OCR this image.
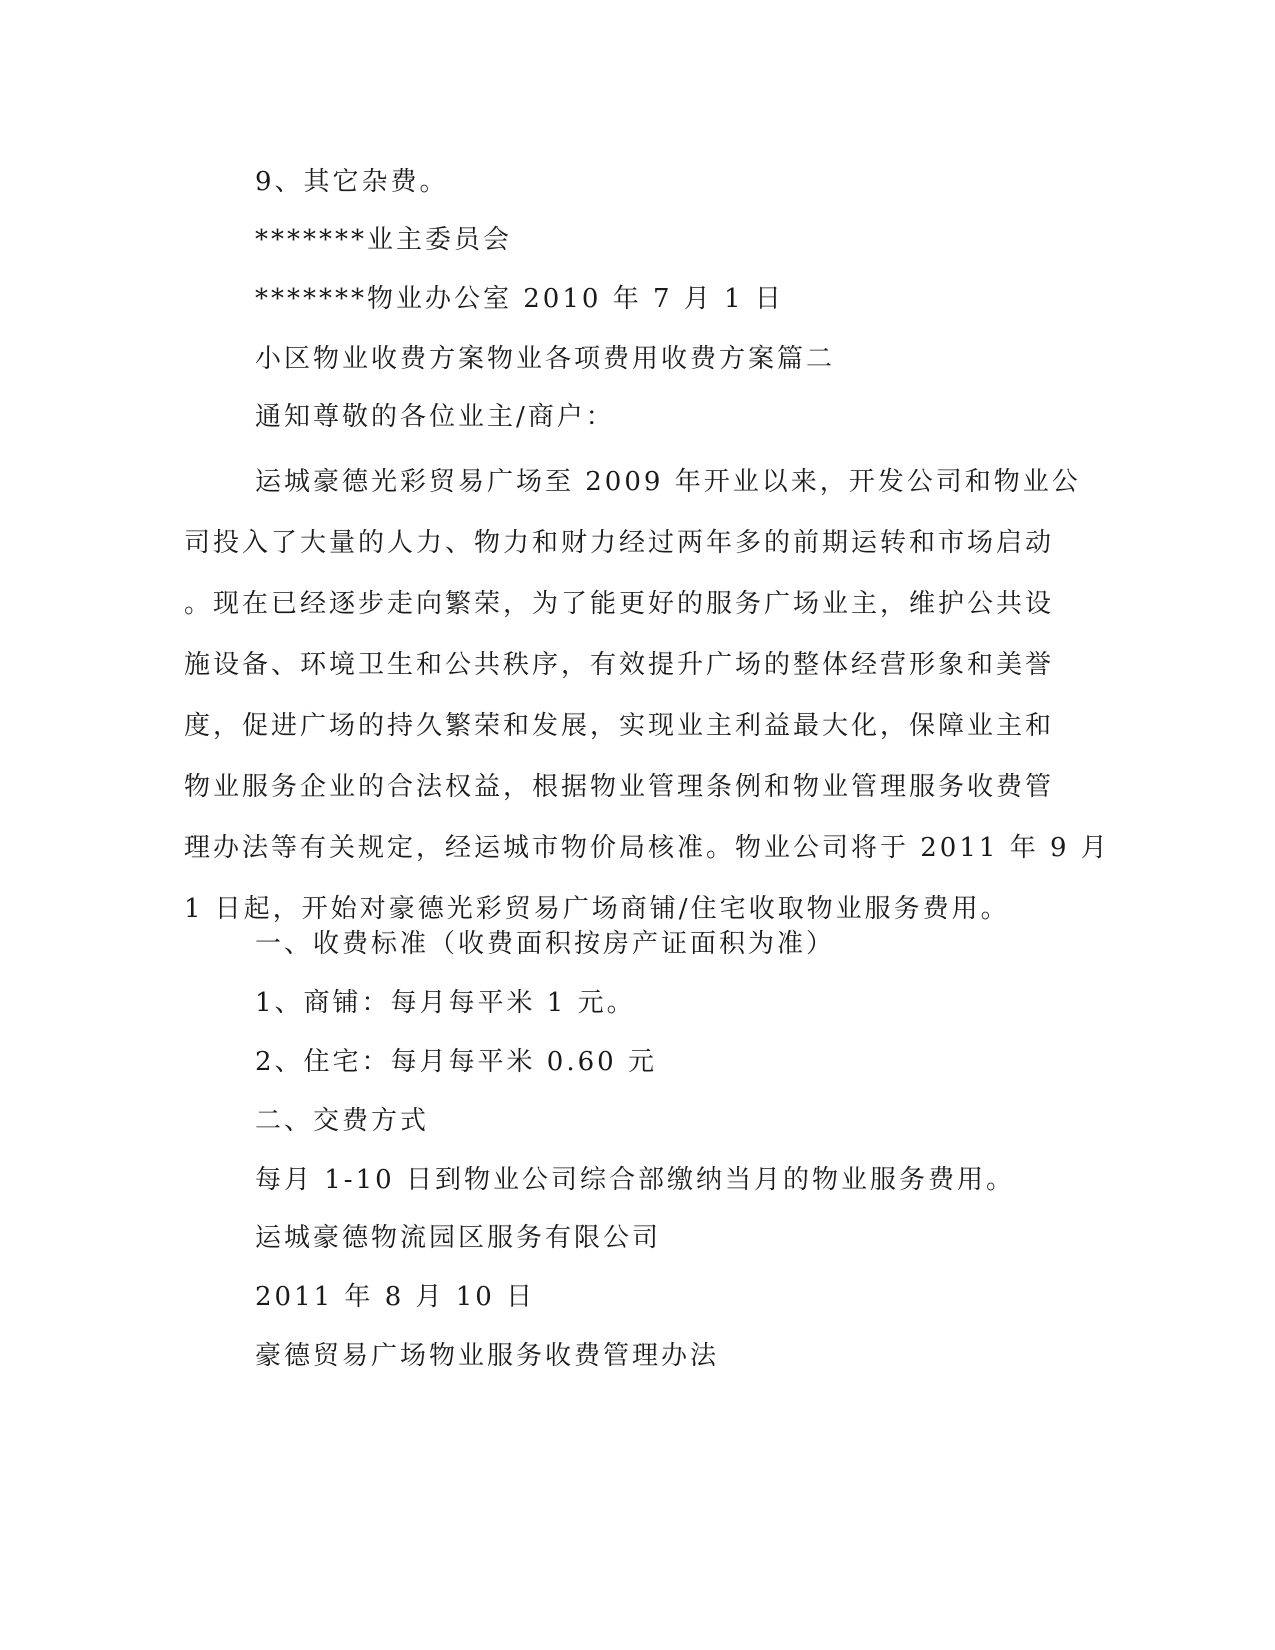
9、其它杂费。
*******业主委员会
*******物业办公室 2010 年 7 月 1 日
小区物业收费方案物业各项费用收费方案篇二
通知尊敬的各位业主/商户：
运城豪德光彩贸易广场至 2009 年开业以来，开发公司和物业公
司投入了大量的人力、物力和财力经过两年多的前期运转和市场启动
。现在已经逐步走向繁荣，为了能更好的服务广场业主，维护公共设
施设备、环境卫生和公共秩序，有效提升广场的整体经营形象和美誉
度，促进广场的持久繁荣和发展，实现业主利益最大化，保障业主和
物业服务企业的合法权益，根据物业管理条例和物业管理服务收费管
理办法等有关规定，经运城市物价局核准。物业公司将于 2011 年 9 月
1 日起，开始对豪德光彩贸易广场商铺/住宅收取物业服务费用。
一、收费标准（收费面积按房产证面积为准）
1、商铺：每月每平米 1 元。
2、住宅：每月每平米 0.60 元
二、交费方式
每月 1-10 日到物业公司综合部缴纳当月的物业服务费用。
运城豪德物流园区服务有限公司
2011 年 8 月 10 日
豪德贸易广场物业服务收费管理办法
